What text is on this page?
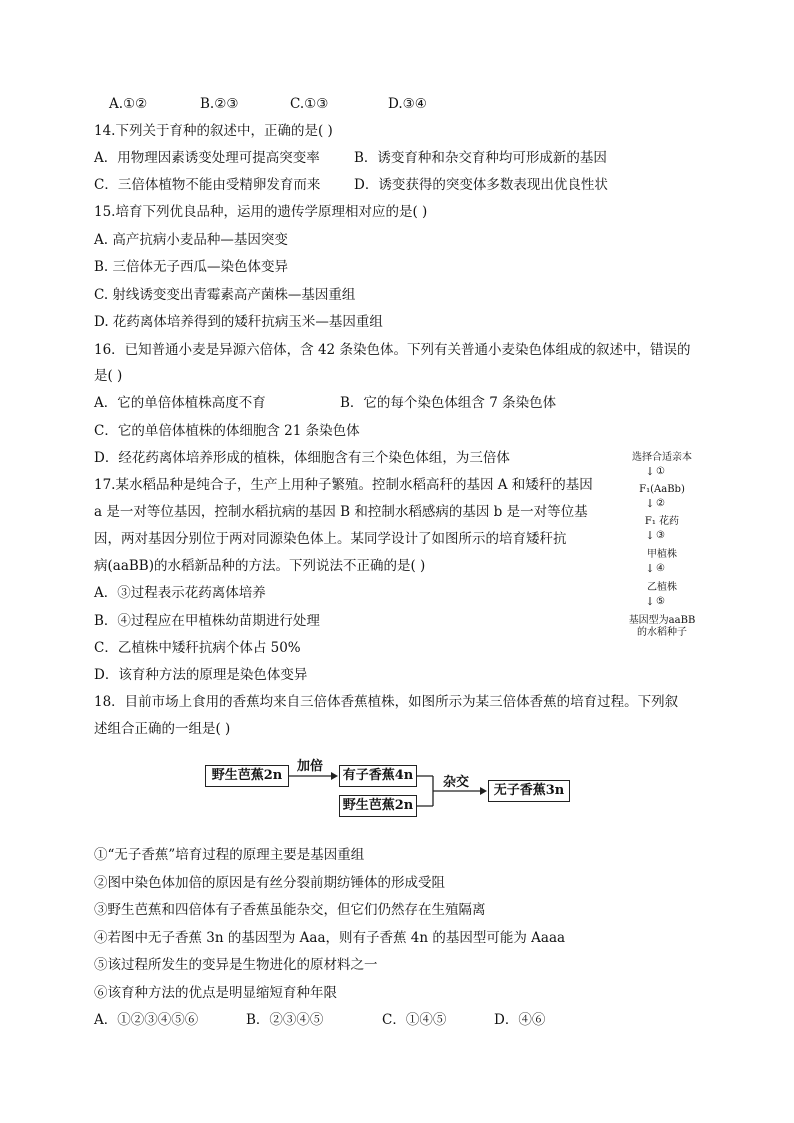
A.①②	B.②③	C.①③	D.③④
14.下列关于育种的叙述中，正确的是( )
A．用物理因素诱变处理可提高突变率	B．诱变育种和杂交育种均可形成新的基因
C．三倍体植物不能由受精卵发育而来 D．诱变获得的突变体多数表现出优良性状
15.培育下列优良品种，运用的遗传学原理相对应的是( )
A. 高产抗病小麦品种—基因突变
B. 三倍体无子西瓜—染色体变异
C. 射线诱变变出青霉素高产菌株—基因重组
D. 花药离体培养得到的矮秆抗病玉米—基因重组
16．已知普通小麦是异源六倍体，含 42 条染色体。下列有关普通小麦染色体组成的叙述中，错误的
是( )
A．它的单倍体植株高度不育	B．它的每个染色体组含 7 条染色体
C．它的单倍体植株的体细胞含 21 条染色体
D．经花药离体培养形成的植株，体细胞含有三个染色体组，为三倍体
17.某水稻品种是纯合子，生产上用种子繁殖。控制水稻高秆的基因 A 和矮秆的基因
a 是一对等位基因，控制水稻抗病的基因 B 和控制水稻感病的基因 b 是一对等位基
因，两对基因分别位于两对同源染色体上。某同学设计了如图所示的培育矮秆抗
病(aaBB)的水稻新品种的方法。下列说法不正确的是( )
A．③过程表示花药离体培养
B．④过程应在甲植株幼苗期进行处理
C．乙植株中矮秆抗病个体占 50%
D．该育种方法的原理是染色体变异
选择合适亲本
↓ ①
F₁(AaBb)
↓ ②
F₁ 花药
↓ ③
甲植株
↓ ④
乙植株
↓ ⑤
基因型为aaBB
的水稻种子
18．目前市场上食用的香蕉均来自三倍体香蕉植株，如图所示为某三倍体香蕉的培育过程。下列叙
述组合正确的一组是( )
野生芭蕉2n
加倍
有子香蕉4n
野生芭蕉2n
杂交
无子香蕉3n
①“无子香蕉”培育过程的原理主要是基因重组
②图中染色体加倍的原因是有丝分裂前期纺锤体的形成受阻
③野生芭蕉和四倍体有子香蕉虽能杂交，但它们仍然存在生殖隔离
④若图中无子香蕉 3n 的基因型为 Aaa，则有子香蕉 4n 的基因型可能为 Aaaa
⑤该过程所发生的变异是生物进化的原材料之一
⑥该育种方法的优点是明显缩短育种年限
A．①②③④⑤⑥	B．②③④⑤	C．①④⑤	D．④⑥
